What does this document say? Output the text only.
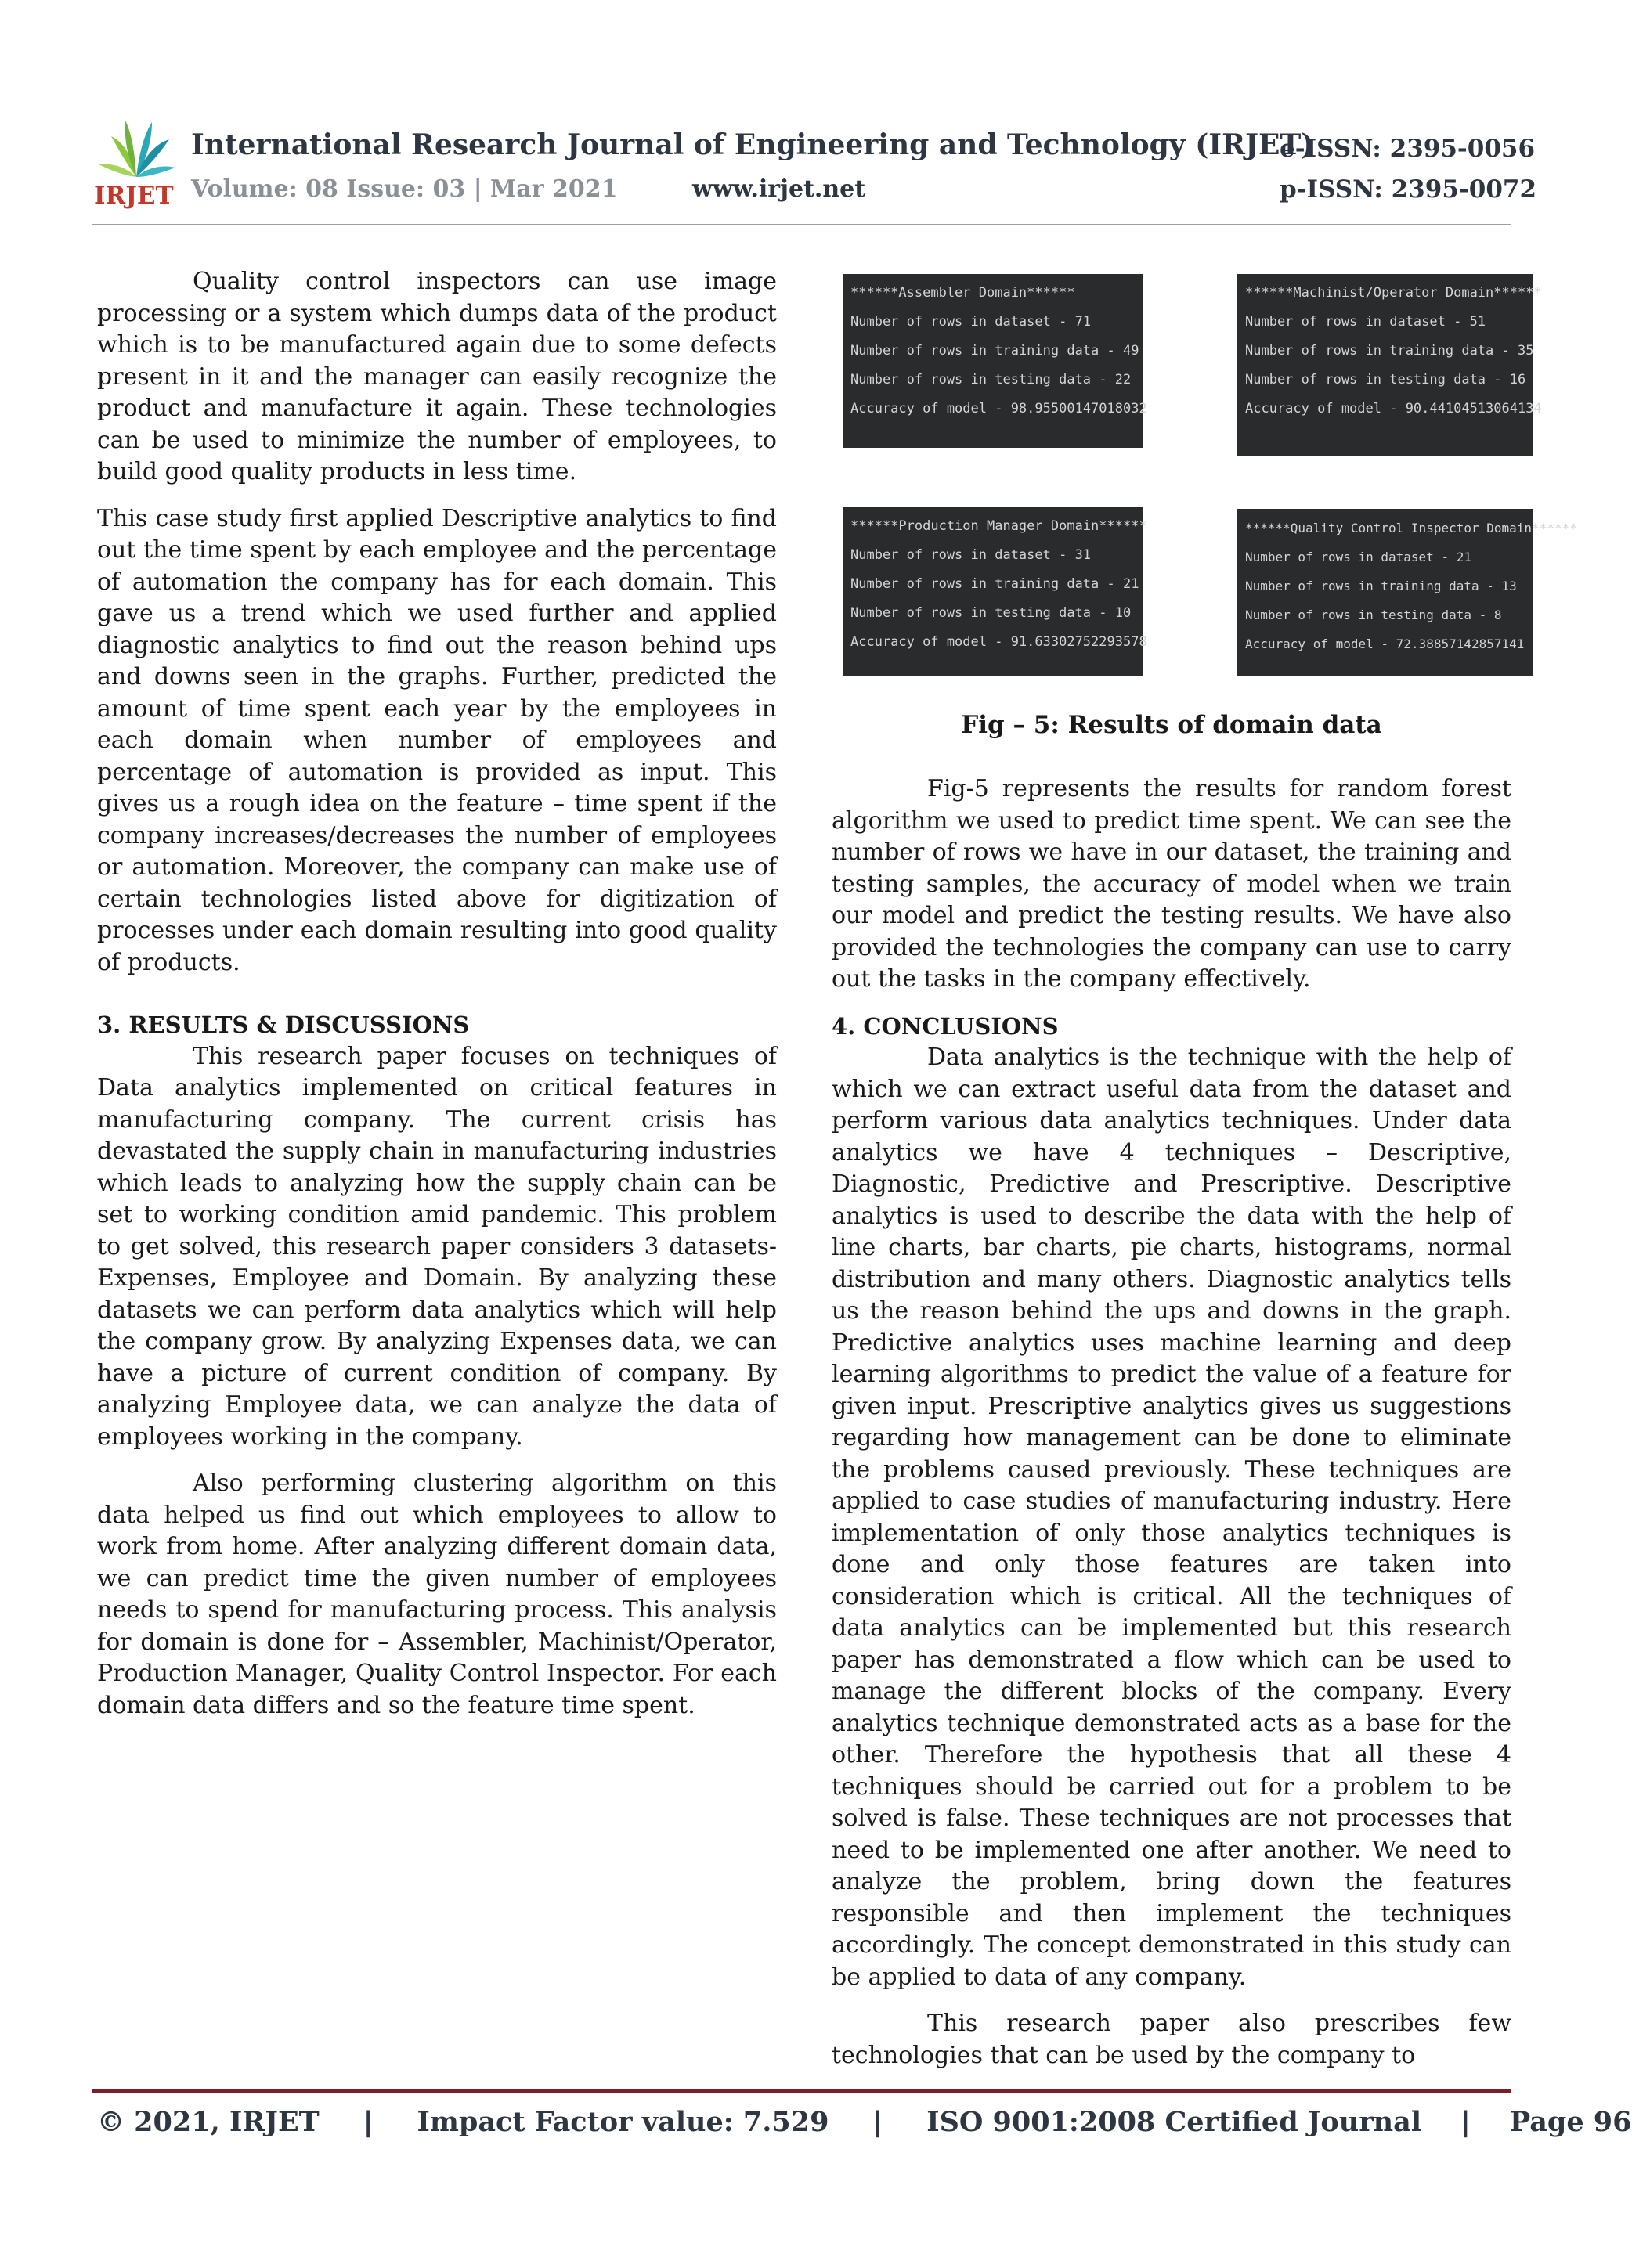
IRJET
International Research Journal of Engineering and Technology (IRJET)
e-ISSN: 2395-0056
Volume: 08 Issue: 03 | Mar 2021	www.irjet.net	p-ISSN: 2395-0072

Quality control inspectors can use image processing or a system which dumps data of the product which is to be manufactured again due to some defects present in it and the manager can easily recognize the product and manufacture it again. These technologies can be used to minimize the number of employees, to build good quality products in less time.

This case study first applied Descriptive analytics to find out the time spent by each employee and the percentage of automation the company has for each domain. This gave us a trend which we used further and applied diagnostic analytics to find out the reason behind ups and downs seen in the graphs. Further, predicted the amount of time spent each year by the employees in each domain when number of employees and percentage of automation is provided as input. This gives us a rough idea on the feature – time spent if the company increases/decreases the number of employees or automation. Moreover, the company can make use of certain technologies listed above for digitization of processes under each domain resulting into good quality of products.

3. RESULTS & DISCUSSIONS

This research paper focuses on techniques of Data analytics implemented on critical features in manufacturing company. The current crisis has devastated the supply chain in manufacturing industries which leads to analyzing how the supply chain can be set to working condition amid pandemic. This problem to get solved, this research paper considers 3 datasets- Expenses, Employee and Domain. By analyzing these datasets we can perform data analytics which will help the company grow. By analyzing Expenses data, we can have a picture of current condition of company. By analyzing Employee data, we can analyze the data of employees working in the company.

Also performing clustering algorithm on this data helped us find out which employees to allow to work from home. After analyzing different domain data, we can predict time the given number of employees needs to spend for manufacturing process. This analysis for domain is done for – Assembler, Machinist/Operator, Production Manager, Quality Control Inspector. For each domain data differs and so the feature time spent.

******Assembler Domain******
Number of rows in dataset - 71
Number of rows in training data - 49
Number of rows in testing data - 22
Accuracy of model - 98.95500147018032
******Machinist/Operator Domain******
Number of rows in dataset - 51
Number of rows in training data - 35
Number of rows in testing data - 16
Accuracy of model - 90.44104513064134
******Production Manager Domain******
Number of rows in dataset - 31
Number of rows in training data - 21
Number of rows in testing data - 10
Accuracy of model - 91.63302752293578
******Quality Control Inspector Domain******
Number of rows in dataset - 21
Number of rows in training data - 13
Number of rows in testing data - 8
Accuracy of model - 72.38857142857141
Fig – 5: Results of domain data

Fig-5 represents the results for random forest algorithm we used to predict time spent. We can see the number of rows we have in our dataset, the training and testing samples, the accuracy of model when we train our model and predict the testing results. We have also provided the technologies the company can use to carry out the tasks in the company effectively.

4. CONCLUSIONS

Data analytics is the technique with the help of which we can extract useful data from the dataset and perform various data analytics techniques. Under data analytics we have 4 techniques – Descriptive, Diagnostic, Predictive and Prescriptive. Descriptive analytics is used to describe the data with the help of line charts, bar charts, pie charts, histograms, normal distribution and many others. Diagnostic analytics tells us the reason behind the ups and downs in the graph. Predictive analytics uses machine learning and deep learning algorithms to predict the value of a feature for given input. Prescriptive analytics gives us suggestions regarding how management can be done to eliminate the problems caused previously. These techniques are applied to case studies of manufacturing industry. Here implementation of only those analytics techniques is done and only those features are taken into consideration which is critical. All the techniques of data analytics can be implemented but this research paper has demonstrated a flow which can be used to manage the different blocks of the company. Every analytics technique demonstrated acts as a base for the other. Therefore the hypothesis that all these 4 techniques should be carried out for a problem to be solved is false. These techniques are not processes that need to be implemented one after another. We need to analyze the problem, bring down the features responsible and then implement the techniques accordingly. The concept demonstrated in this study can be applied to data of any company.

This research paper also prescribes few technologies that can be used by the company to

© 2021, IRJET | Impact Factor value: 7.529 | ISO 9001:2008 Certified Journal | Page 96
